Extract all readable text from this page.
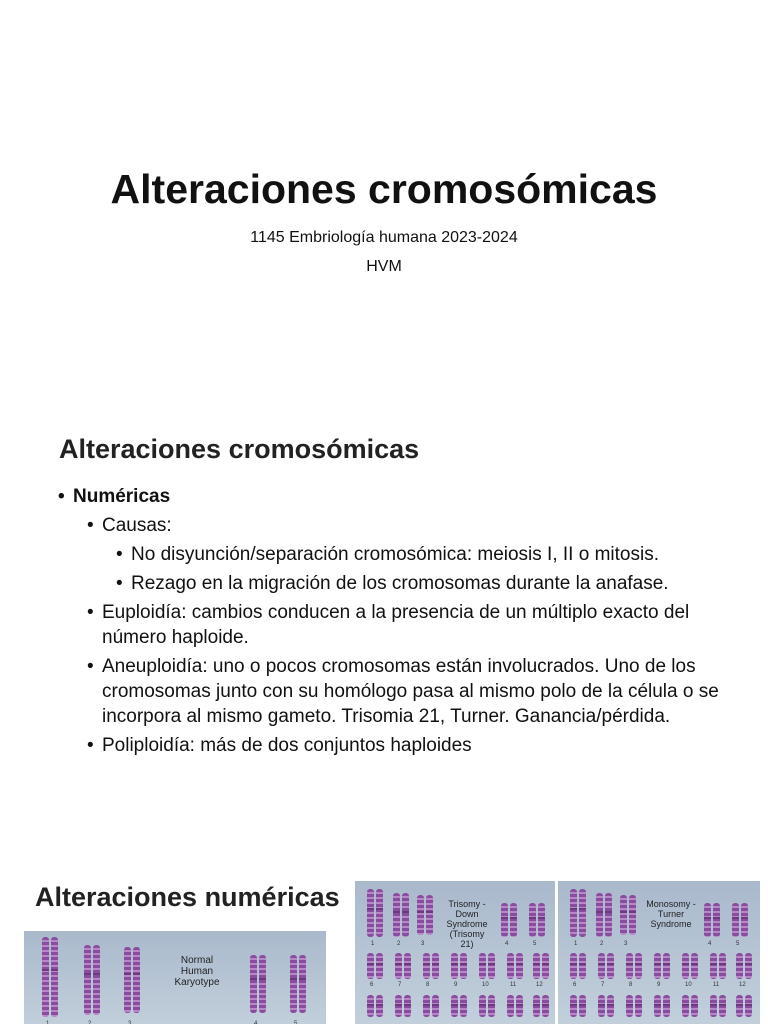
Alteraciones cromosómicas
1145 Embriología humana 2023-2024
HVM
Alteraciones cromosómicas
• Numéricas
• Causas:
• No disyunción/separación cromosómica: meiosis I, II o mitosis.
• Rezago en la migración de los cromosomas durante la anafase.
• Euploidía: cambios conducen a la presencia de un múltiplo exacto del número haploide.
• Aneuploidía: uno o pocos cromosomas están involucrados. Uno de los cromosomas junto con su homólogo pasa al mismo polo de la célula o se incorpora al mismo gameto. Trisomia 21, Turner. Ganancia/pérdida.
• Poliploidía: más de dos conjuntos haploides
Alteraciones numéricas
Normal
Human
Karyotype
1	2	3	4	5
Trisomy -
Down
Syndrome
(Trisomy 21)
1	2	3	4	5
6	7	8	9	10	11	12
Monosomy -
Turner
Syndrome
1	2	3	4	5
6	7	8	9	10	11	12
